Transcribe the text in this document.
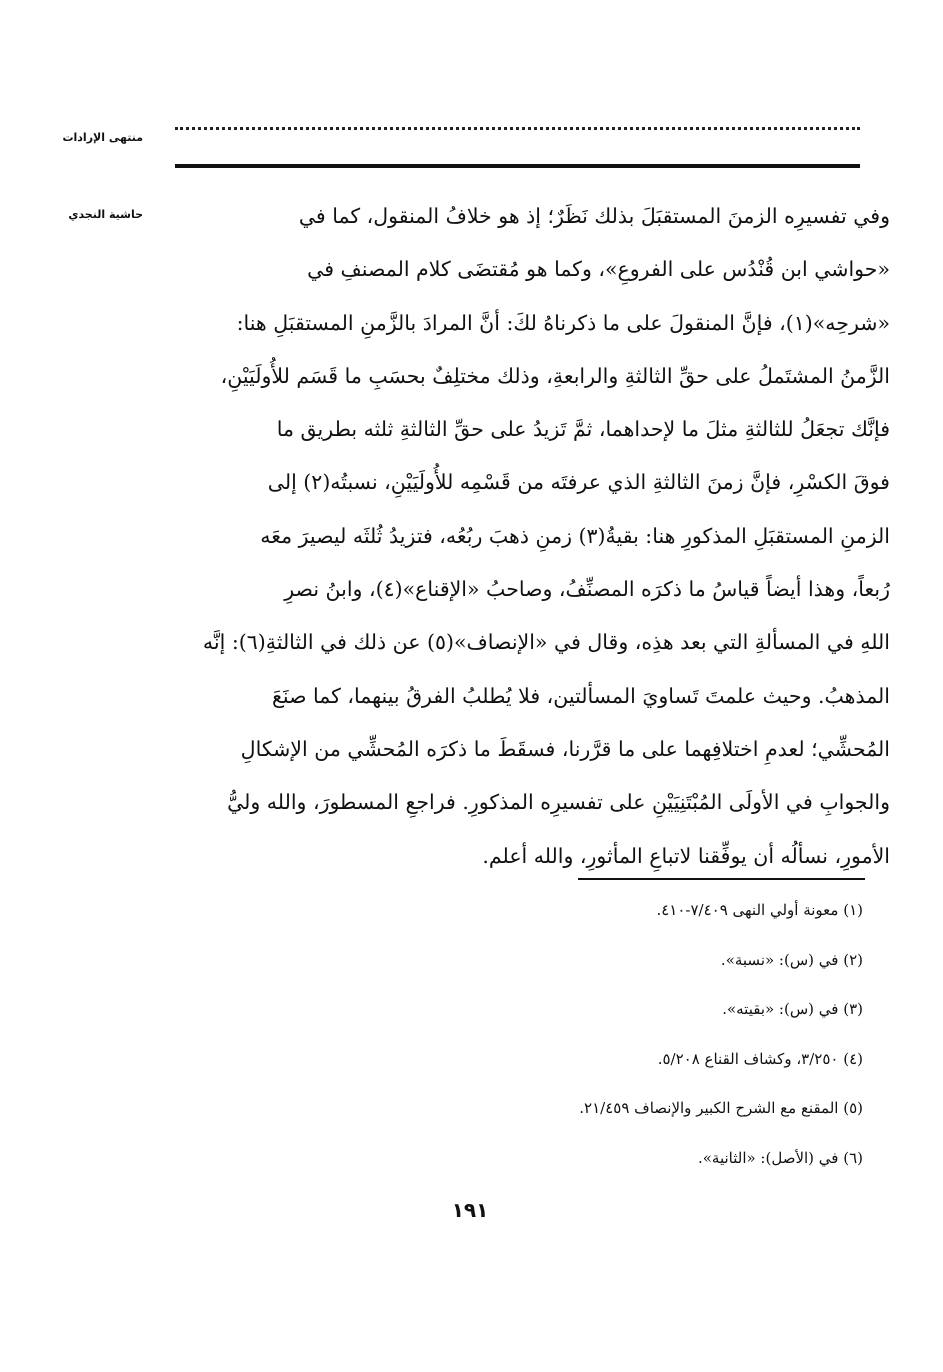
منتهى الإرادات
حاشية النجدي	وفي تفسيرِه الزمنَ المستقبَلَ بذلك نَظَرٌ؛ إذ هو خلافُ المنقول، كما في

«حواشي ابن قُنْدُس على الفروعِ»، وكما هو مُقتضَى كلام المصنفِ في

«شرحِه»(١)، فإنَّ المنقولَ على ما ذكرناهُ لكَ: أنَّ المرادَ بالزَّمنِ المستقبَلِ هنا:

الزَّمنُ المشتَملُ على حقِّ الثالثةِ والرابعةِ، وذلك مختلِفٌ بحسَبِ ما قَسَم للأُولَيَيْنِ،

فإنَّك تجعَلُ للثالثةِ مثلَ ما لإحداهما، ثمَّ تَزيدُ على حقِّ الثالثةِ ثلثه بطريق ما

فوقَ الكسْرِ، فإنَّ زمنَ الثالثةِ الذي عرفتَه من قَسْمِه للأُولَيَيْنِ، نسبتُه(٢) إلى

الزمنِ المستقبَلِ المذكورِ هنا: بقيةُ(٣) زمنِ ذهبَ ربُعُه، فتزيدُ ثُلثَه ليصيرَ معَه

رُبعاً، وهذا أيضاً قياسُ ما ذكرَه المصنِّفُ، وصاحبُ «الإقناع»(٤)، وابنُ نصرِ

اللهِ في المسألةِ التي بعد هذِه، وقال في «الإنصاف»(٥) عن ذلك في الثالثةِ(٦): إنَّه

المذهبُ. وحيث علمتَ تَساويَ المسألتين، فلا يُطلبُ الفرقُ بينهما، كما صنَعَ

المُحشِّي؛ لعدمِ اختلافِهما على ما قرَّرنا، فسقَطَ ما ذكرَه المُحشِّي من الإشكالِ

والجوابِ في الأولَى المُبْتَنِيَيْنِ على تفسيرِه المذكورِ. فراجعِ المسطورَ، والله وليُّ

الأمورِ، نسألُه أن يوفِّقنا لاتباعِ المأثورِ، والله أعلم.

(١) معونة أولي النهى ٧/٤٠٩-٤١٠.
(٢) في (س): «نسبة».
(٣) في (س): «بقيته».
(٤) ٣/٢٥٠، وكشاف القناع ٥/٢٠٨.
(٥) المقنع مع الشرح الكبير والإنصاف ٢١/٤٥٩.
(٦) في (الأصل): «الثانية».
١٩١
